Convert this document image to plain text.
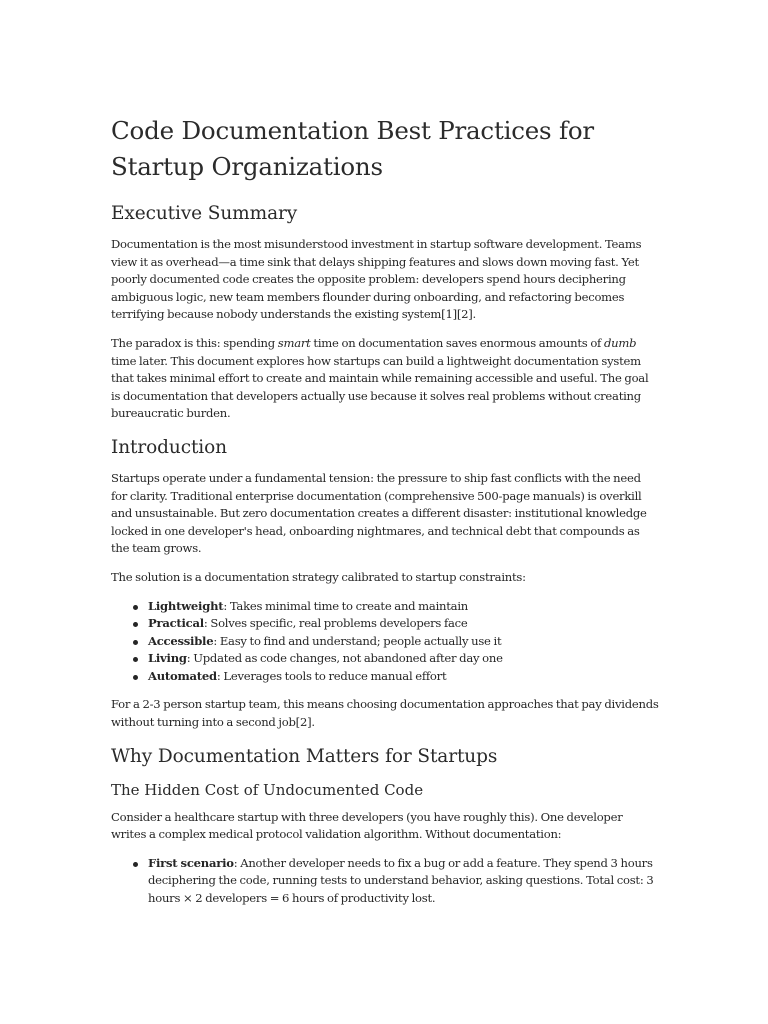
Code Documentation Best Practices for Startup Organizations
Executive Summary

Documentation is the most misunderstood investment in startup software development. Teams view it as overhead—a time sink that delays shipping features and slows down moving fast. Yet poorly documented code creates the opposite problem: developers spend hours deciphering ambiguous logic, new team members flounder during onboarding, and refactoring becomes terrifying because nobody understands the existing system[1][2].

The paradox is this: spending smart time on documentation saves enormous amounts of dumb time later. This document explores how startups can build a lightweight documentation system that takes minimal effort to create and maintain while remaining accessible and useful. The goal is documentation that developers actually use because it solves real problems without creating bureaucratic burden.

Introduction

Startups operate under a fundamental tension: the pressure to ship fast conflicts with the need for clarity. Traditional enterprise documentation (comprehensive 500-page manuals) is overkill and unsustainable. But zero documentation creates a different disaster: institutional knowledge locked in one developer's head, onboarding nightmares, and technical debt that compounds as the team grows.

The solution is a documentation strategy calibrated to startup constraints:

Lightweight: Takes minimal time to create and maintain
Practical: Solves specific, real problems developers face
Accessible: Easy to find and understand; people actually use it
Living: Updated as code changes, not abandoned after day one
Automated: Leverages tools to reduce manual effort

For a 2-3 person startup team, this means choosing documentation approaches that pay dividends without turning into a second job[2].

Why Documentation Matters for Startups
The Hidden Cost of Undocumented Code

Consider a healthcare startup with three developers (you have roughly this). One developer writes a complex medical protocol validation algorithm. Without documentation:

First scenario: Another developer needs to fix a bug or add a feature. They spend 3 hours deciphering the code, running tests to understand behavior, asking questions. Total cost: 3 hours × 2 developers = 6 hours of productivity lost.
